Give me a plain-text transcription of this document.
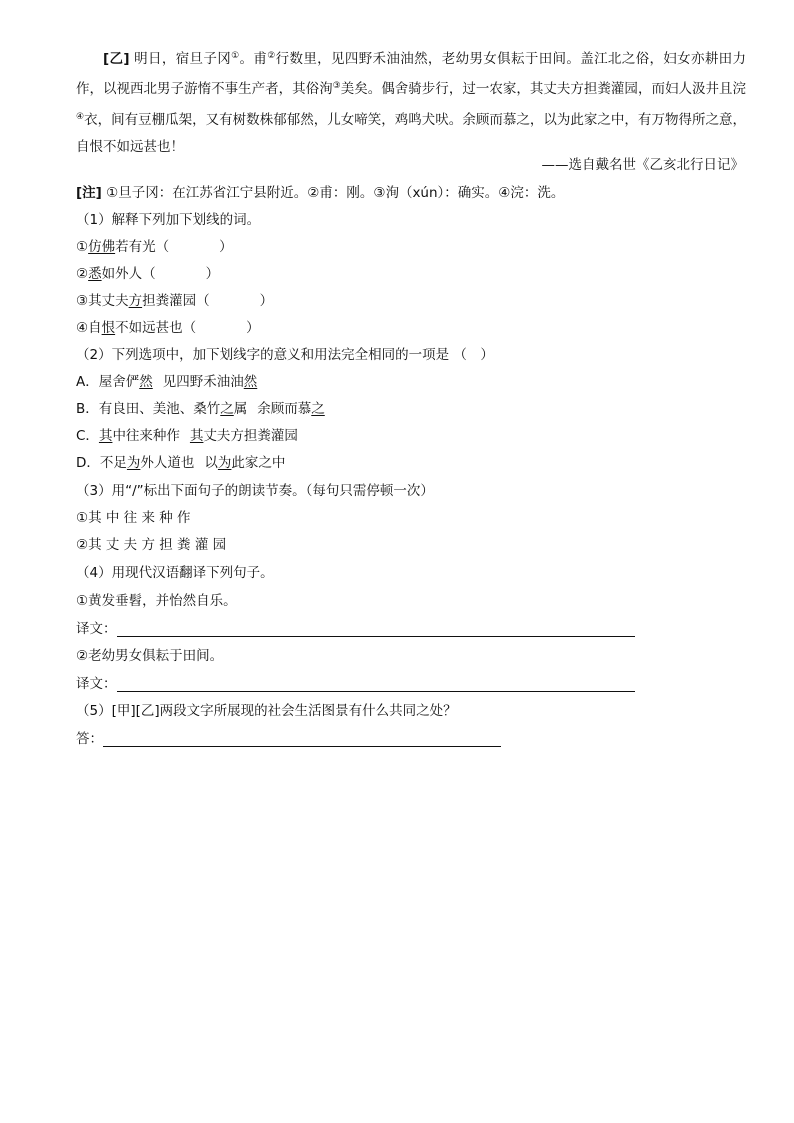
[乙] 明日，宿旦子冈①。甫②行数里，见四野禾油油然，老幼男女俱耘于田间。盖江北之俗，妇女亦耕田力作，以视西北男子游惰不事生产者，其俗洵③美矣。偶舍骑步行，过一农家，其丈夫方担粪灌园，而妇人汲井且浣④衣，间有豆棚瓜架，又有树数株郁郁然，儿女啼笑，鸡鸣犬吠。余顾而慕之，以为此家之中，有万物得所之意，自恨不如远甚也！
——选自戴名世《乙亥北行日记》
[注] ①旦子冈：在江苏省江宁县附近。②甫：刚。③洵（xún）：确实。④浣：洗。
（1）解释下列加下划线的词。
①仿佛若有光（	）
②悉如外人（	）
③其丈夫方担粪灌园（	）
④自恨不如远甚也（	）
（2）下列选项中，加下划线字的意义和用法完全相同的一项是 （　）
A．屋舍俨然 见四野禾油油然
B．有良田、美池、桑竹之属 余顾而慕之
C．其中往来种作 其丈夫方担粪灌园
D．不足为外人道也 以为此家之中
（3）用“/”标出下面句子的朗读节奏。（每句只需停顿一次）
①其 中 往 来 种 作
②其 丈 夫 方 担 粪 灌 园
（4）用现代汉语翻译下列句子。
①黄发垂髫，并怡然自乐。
译文：
②老幼男女俱耘于田间。
译文：
（5）[甲][乙]两段文字所展现的社会生活图景有什么共同之处？
答：
